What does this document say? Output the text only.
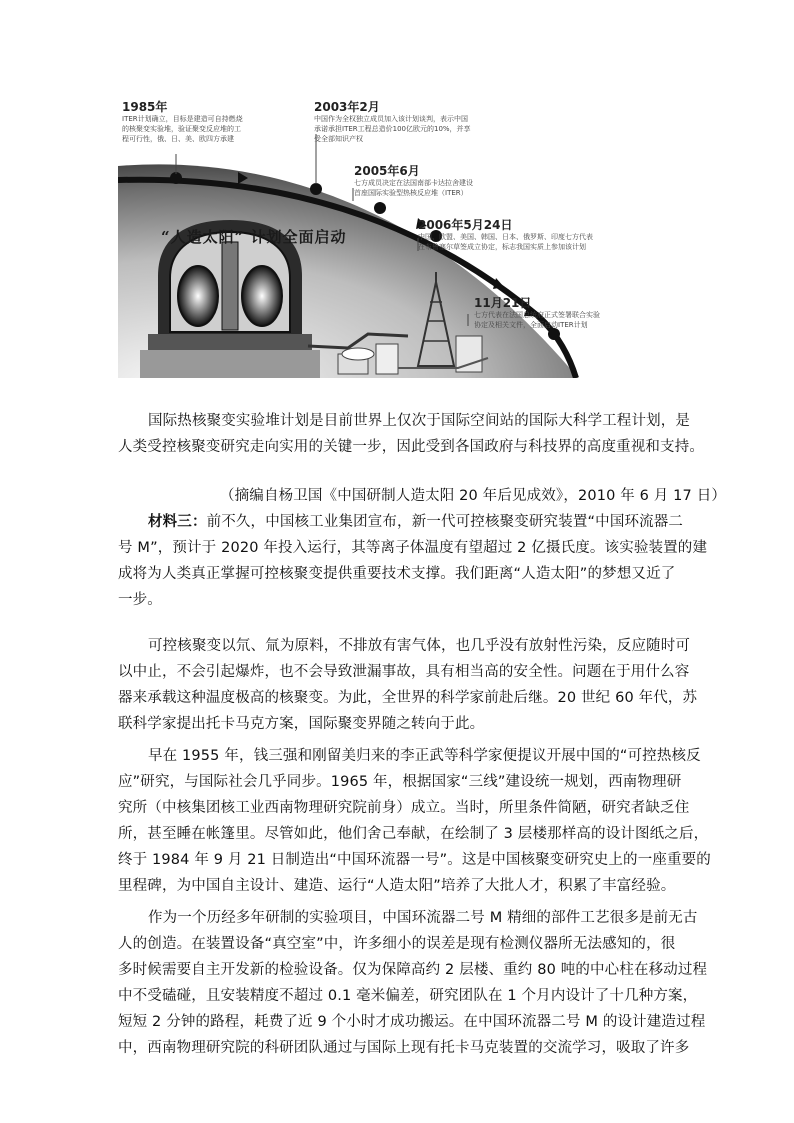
“人造太阳” 计划全面启动
1985年
ITER计划确立，目标是建造可自持燃烧
的核聚变实验堆，验证聚变反应堆的工
程可行性，俄、日、美、欧四方承建
2003年2月
中国作为全权独立成员加入该计划谈判，表示中国
承诺承担ITER工程总造价100亿欧元的10%，并享
受全部知识产权
2005年6月
七方成员决定在法国南部卡达拉舍建设
首座国际实验型热核反应堆（ITER）
2006年5月24日
中国、欧盟、美国、韩国、日本、俄罗斯、印度七方代表
在布鲁塞尔草签成立协定，标志我国实质上参加该计划
11月21日
七方代表在法国总统府正式签署联合实验
协定及相关文件，全面启动ITER计划
国际热核聚变实验堆计划是目前世界上仅次于国际空间站的国际大科学工程计划，是
人类受控核聚变研究走向实用的关键一步，因此受到各国政府与科技界的高度重视和支持。
（摘编自杨卫国《中国研制人造太阳 20 年后见成效》，2010 年 6 月 17 日）
材料三：前不久，中国核工业集团宣布，新一代可控核聚变研究装置“中国环流器二
号 M”，预计于 2020 年投入运行，其等离子体温度有望超过 2 亿摄氏度。该实验装置的建
成将为人类真正掌握可控核聚变提供重要技术支撑。我们距离“人造太阳”的梦想又近了
一步。
可控核聚变以氘、氚为原料，不排放有害气体，也几乎没有放射性污染，反应随时可
以中止，不会引起爆炸，也不会导致泄漏事故，具有相当高的安全性。问题在于用什么容
器来承载这种温度极高的核聚变。为此，全世界的科学家前赴后继。20 世纪 60 年代，苏
联科学家提出托卡马克方案，国际聚变界随之转向于此。
早在 1955 年，钱三强和刚留美归来的李正武等科学家便提议开展中国的“可控热核反
应”研究，与国际社会几乎同步。1965 年，根据国家“三线”建设统一规划，西南物理研
究所（中核集团核工业西南物理研究院前身）成立。当时，所里条件简陋，研究者缺乏住
所，甚至睡在帐篷里。尽管如此，他们舍己奉献，在绘制了 3 层楼那样高的设计图纸之后，
终于 1984 年 9 月 21 日制造出“中国环流器一号”。这是中国核聚变研究史上的一座重要的
里程碑，为中国自主设计、建造、运行“人造太阳”培养了大批人才，积累了丰富经验。
作为一个历经多年研制的实验项目，中国环流器二号 M 精细的部件工艺很多是前无古
人的创造。在装置设备“真空室”中，许多细小的误差是现有检测仪器所无法感知的，很
多时候需要自主开发新的检验设备。仅为保障高约 2 层楼、重约 80 吨的中心柱在移动过程
中不受磕碰，且安装精度不超过 0.1 毫米偏差，研究团队在 1 个月内设计了十几种方案，
短短 2 分钟的路程，耗费了近 9 个小时才成功搬运。在中国环流器二号 M 的设计建造过程
中，西南物理研究院的科研团队通过与国际上现有托卡马克装置的交流学习，吸取了许多
